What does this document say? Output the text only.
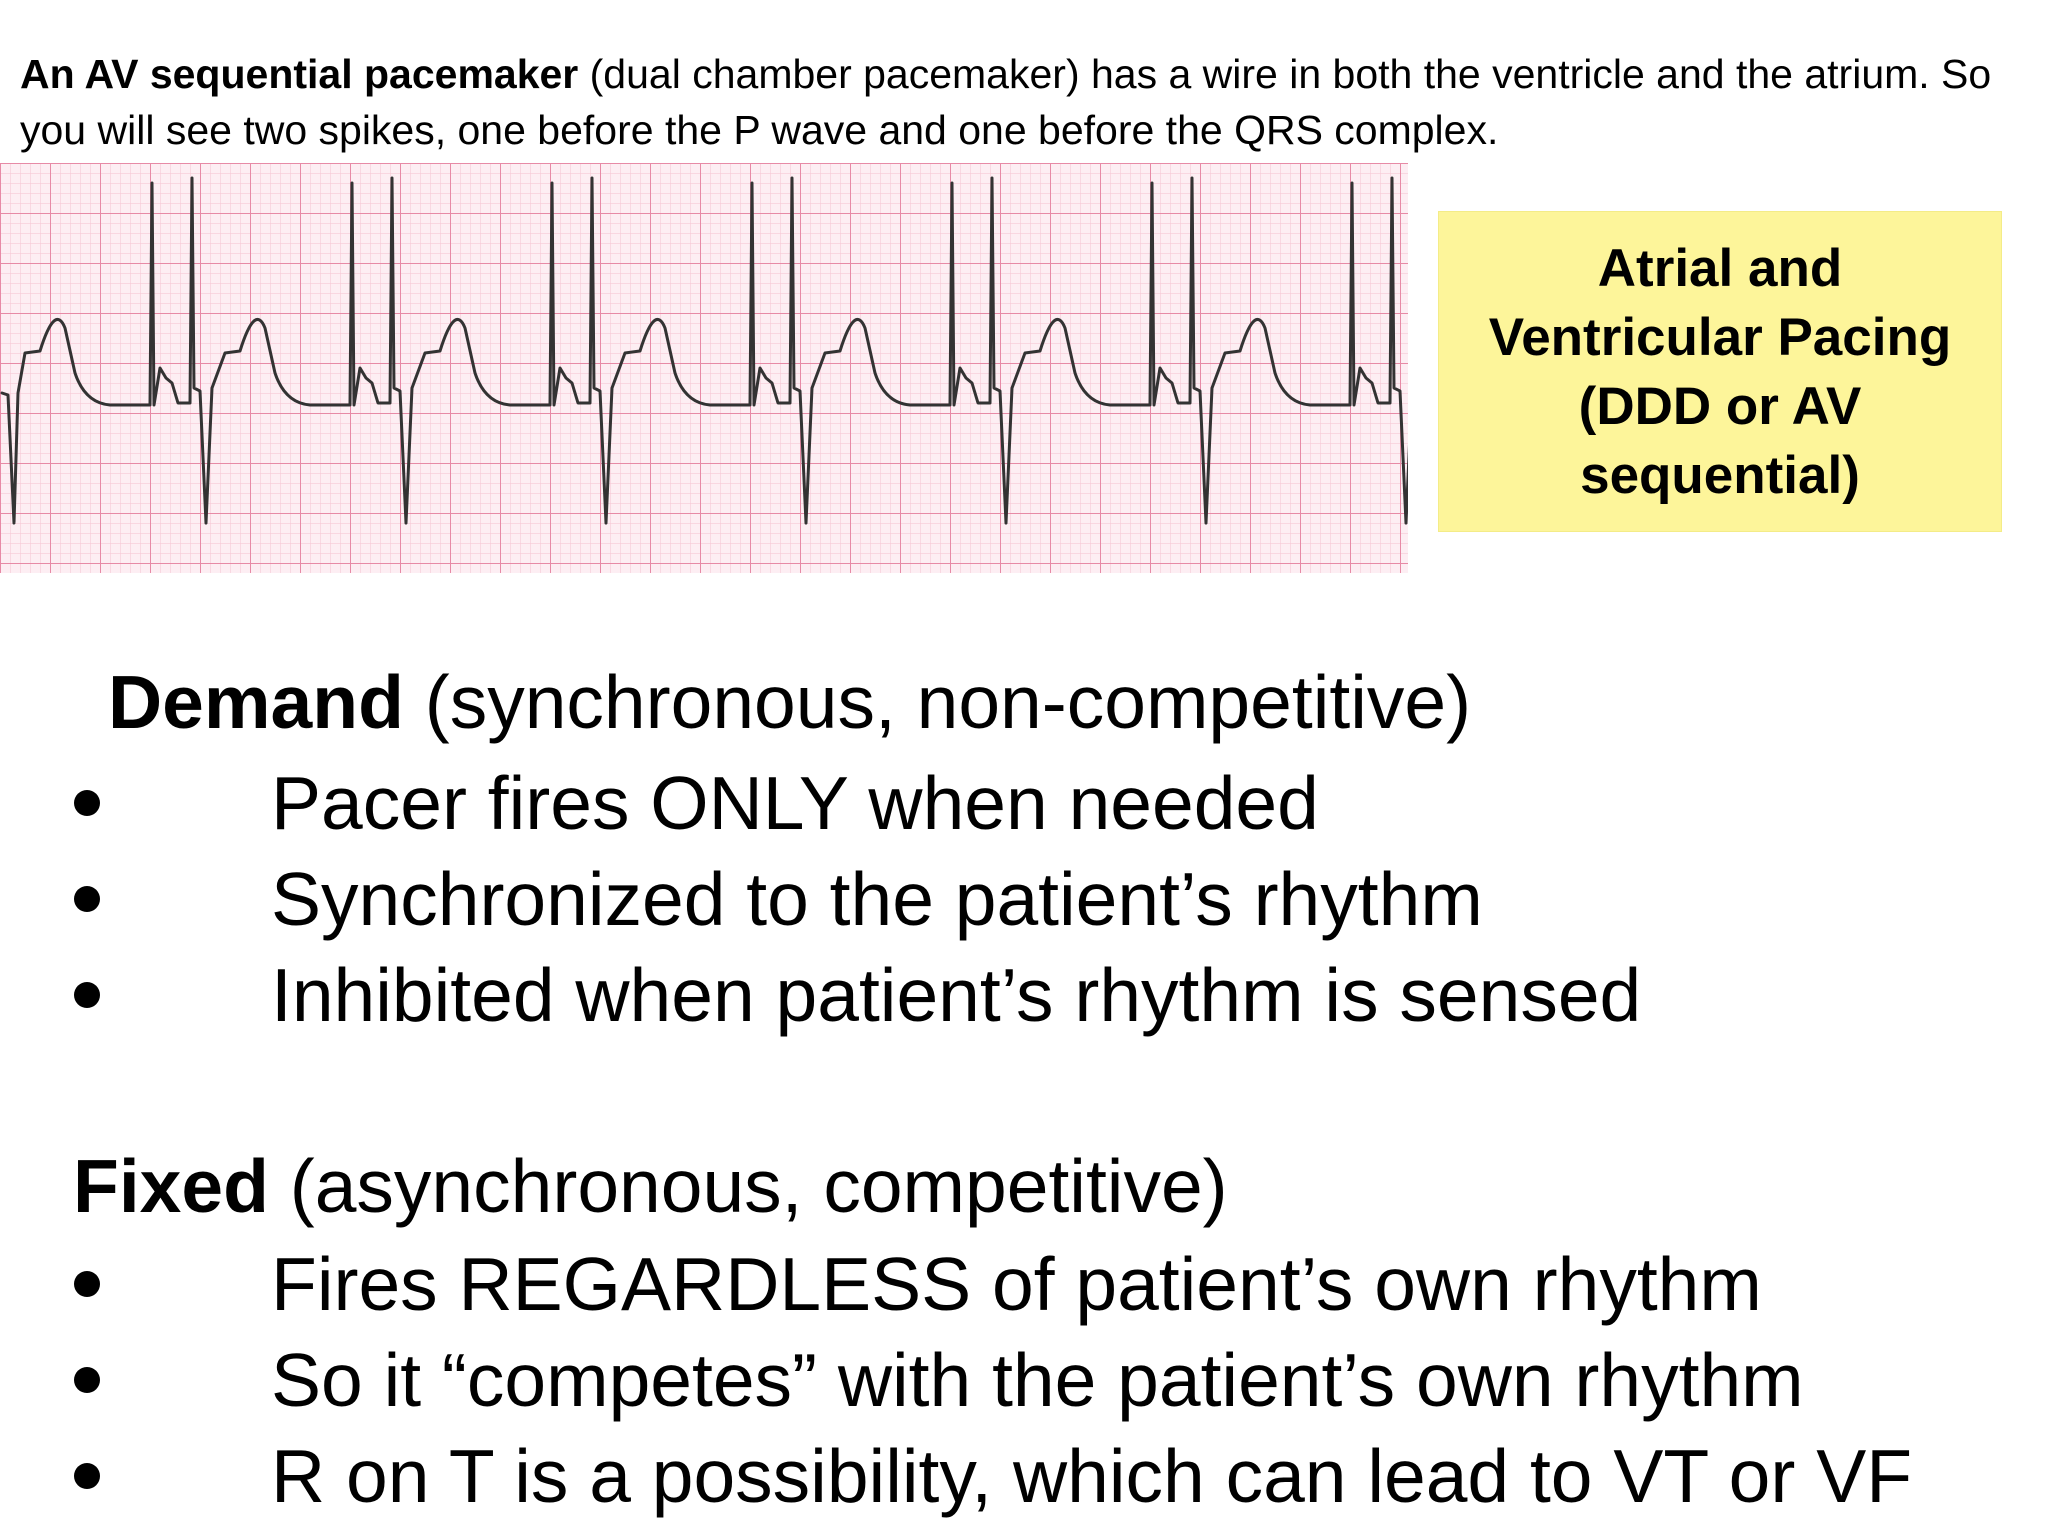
An AV sequential pacemaker (dual chamber pacemaker) has a wire in both the ventricle and the atrium. So you will see two spikes, one before the P wave and one before the QRS complex.

Atrial and
Ventricular Pacing
(DDD or AV
sequential)

Demand (synchronous, non-competitive)

Pacer fires ONLY when needed
Synchronized to the patient’s rhythm
Inhibited when patient’s rhythm is sensed

Fixed (asynchronous, competitive)

Fires REGARDLESS of patient’s own rhythm
So it “competes” with the patient’s own rhythm
R on T is a possibility, which can lead to VT or VF
